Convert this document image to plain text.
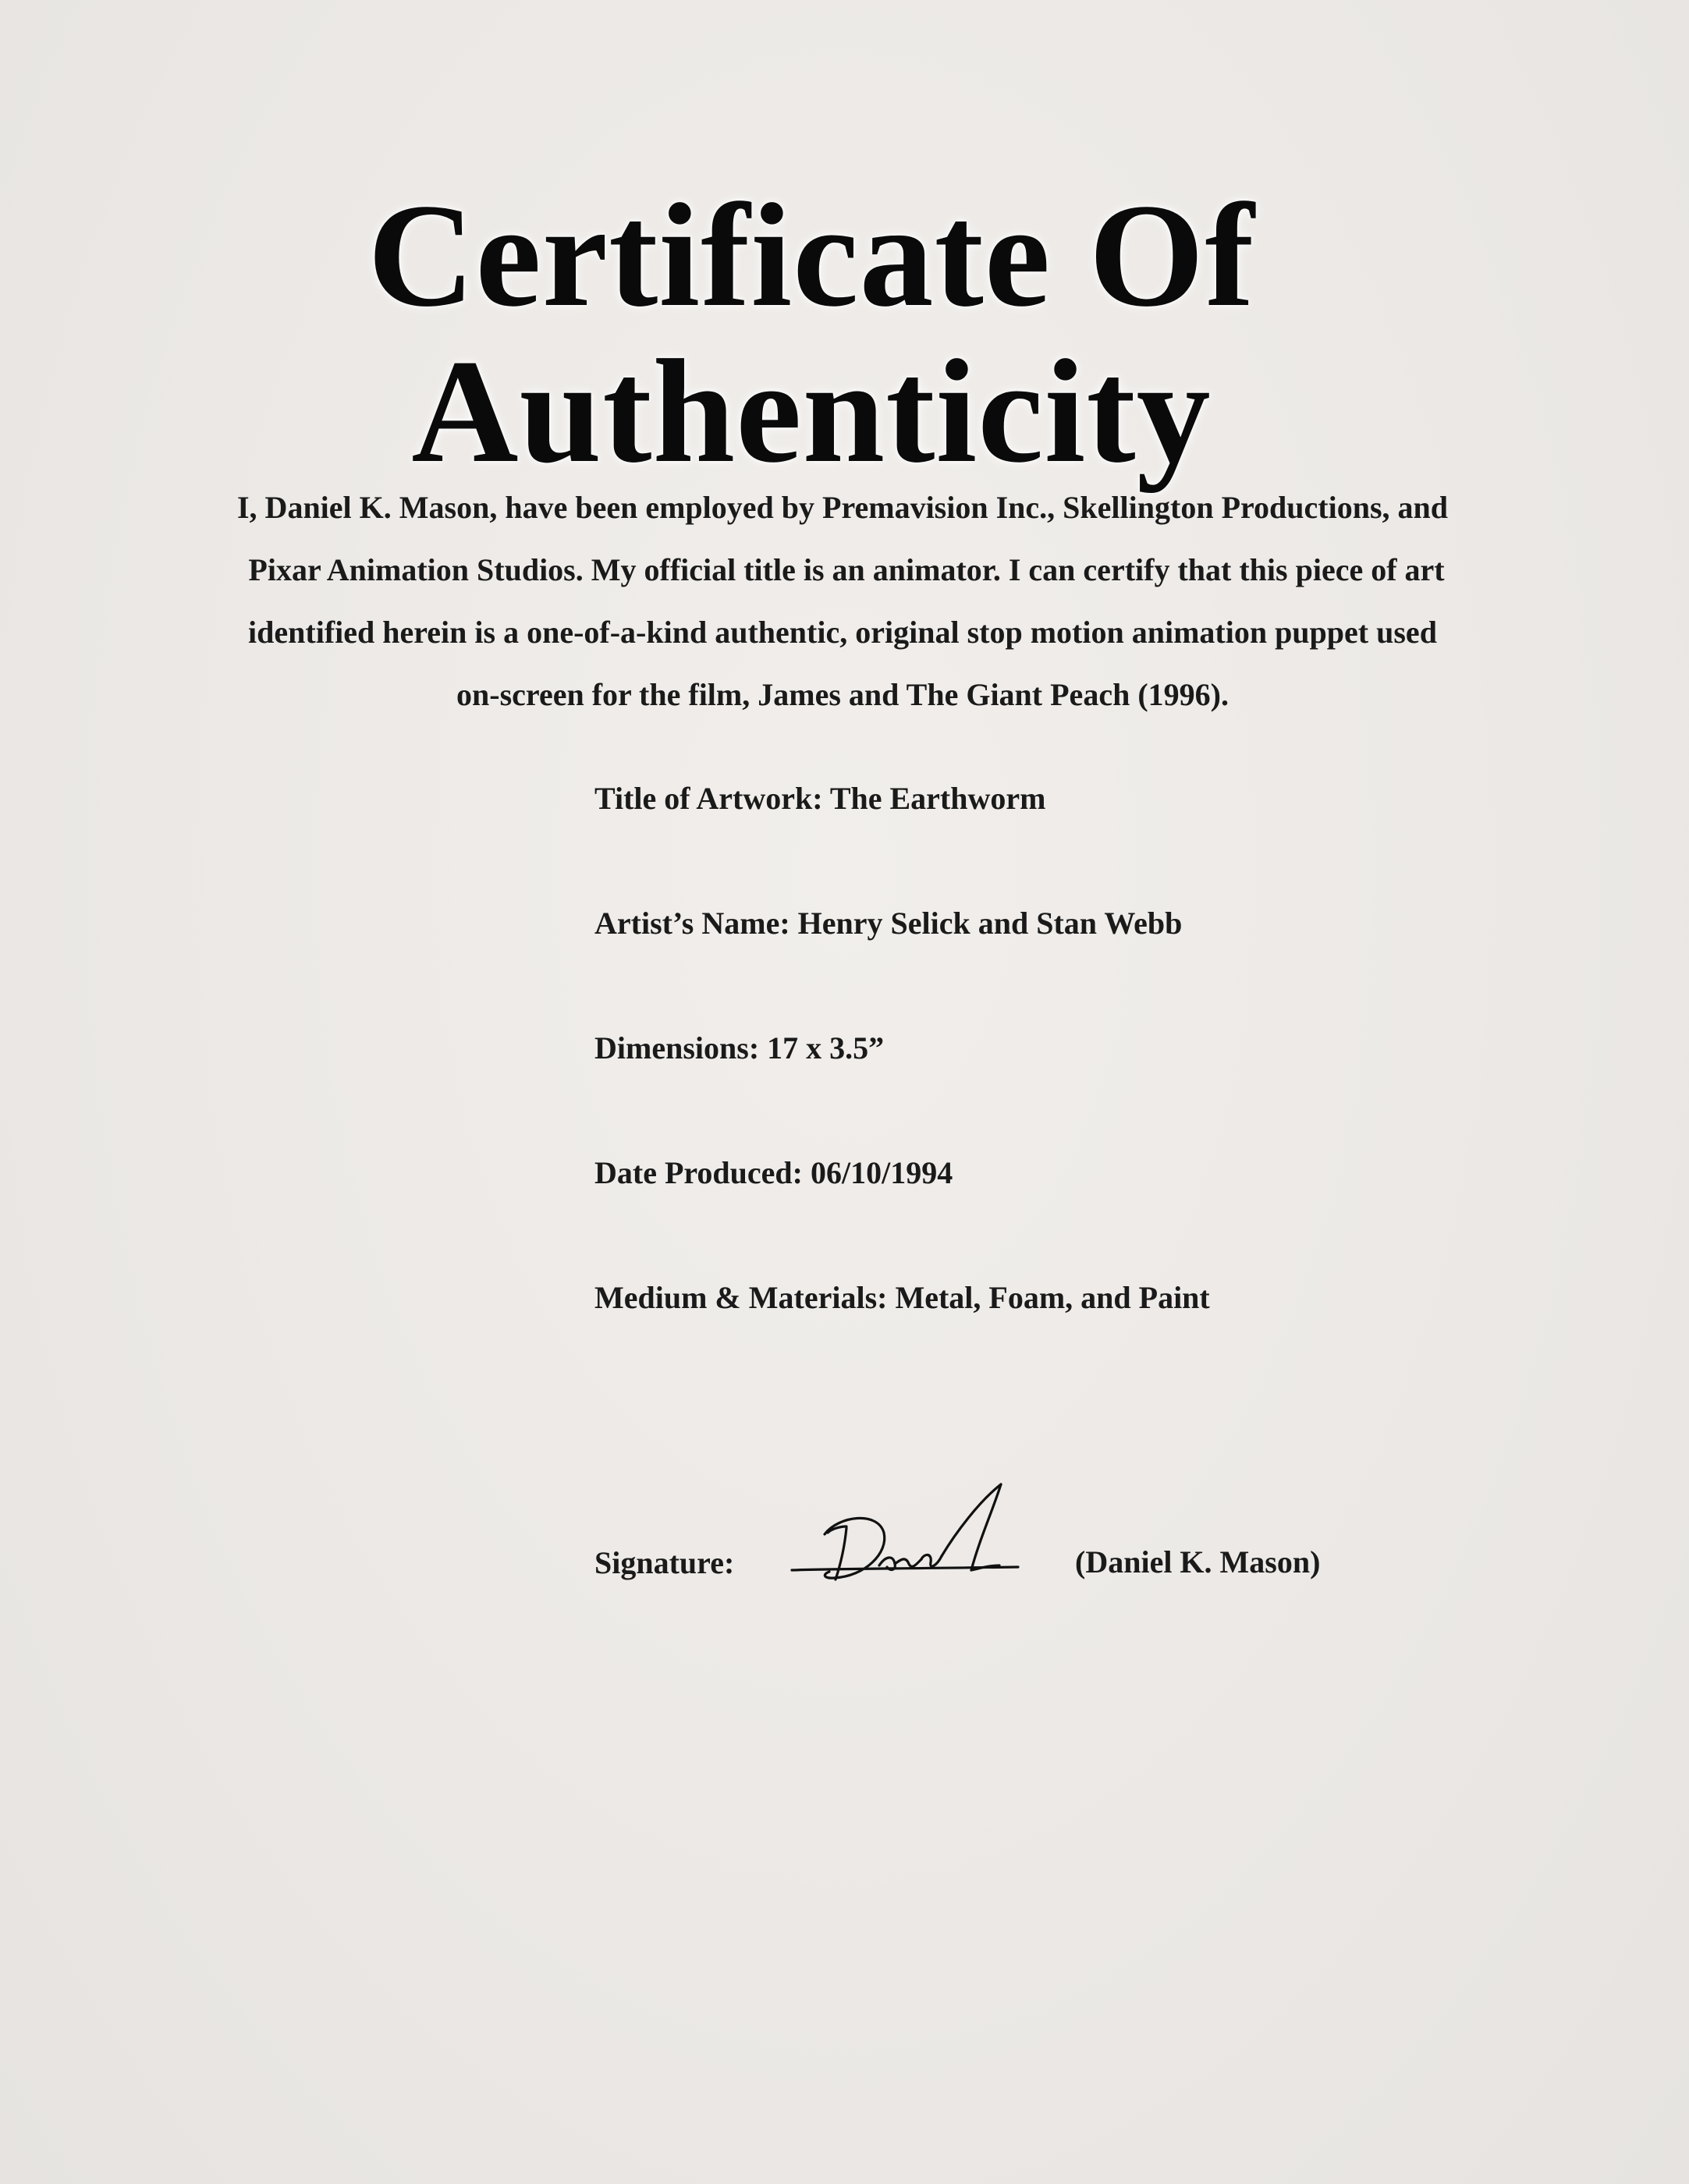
Certificate Of
Authenticity
I, Daniel K. Mason, have been employed by Premavision Inc., Skellington Productions, and
Pixar Animation Studios. My official title is an animator. I can certify that this piece of art
identified herein is a one-of-a-kind authentic, original stop motion animation puppet used
on-screen for the film, James and The Giant Peach (1996).
Title of Artwork: The Earthworm
Artist’s Name: Henry Selick and Stan Webb
Dimensions: 17 x 3.5”
Date Produced: 06/10/1994
Medium & Materials: Metal, Foam, and Paint
Signature:	(Daniel K. Mason)
